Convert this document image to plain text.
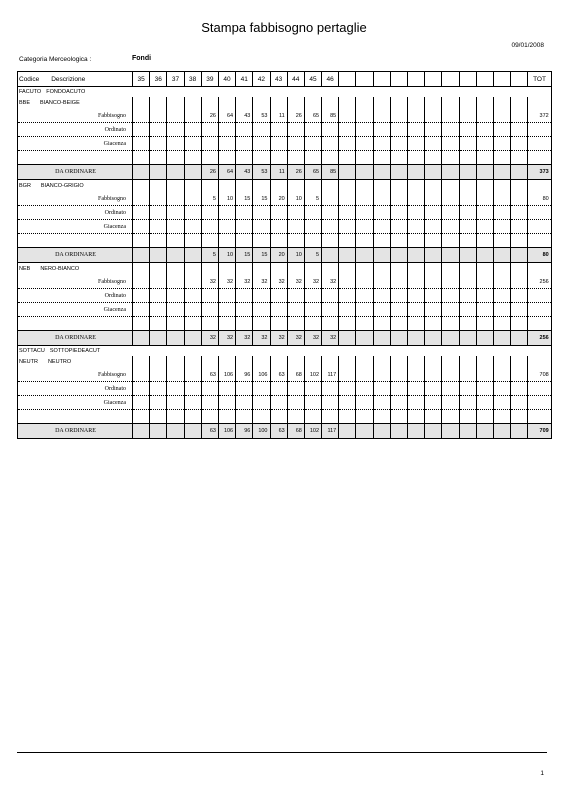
Stampa fabbisogno pertaglie
09/01/2008
Categoria Merceologica :	Fondi
Codice Descrizione	35	36	37	38	39	40	41	42	43	44	45	46												TOT
FACUTO FONDOACUTO																								
BBE BIANCO-BEIGE																								
Fabbisogno					26	64	43	53	11	26	65	85												372
Ordinato																								
Giacenza																								

DA ORDINARE					26	64	43	53	11	26	65	85												373
BGR BIANCO-GRIGIO																								
Fabbisogno					5	10	15	15	20	10	5													80
Ordinato																								
Giacenza																								

DA ORDINARE					5	10	15	15	20	10	5													80
NEB NERO-BIANCO																								
Fabbisogno					32	32	32	32	32	32	32	32												256
Ordinato																								
Giacenza																								

DA ORDINARE					32	32	32	32	32	32	32	32												256
SOTTACU SOTTOPIEDEACUT																								
NEUTR NEUTRO																								
Fabbisogno					63	106	96	106	63	68	102	117												708
Ordinato																								
Giacenza																								

DA ORDINARE					63	106	96	100	63	68	102	117												709
1
